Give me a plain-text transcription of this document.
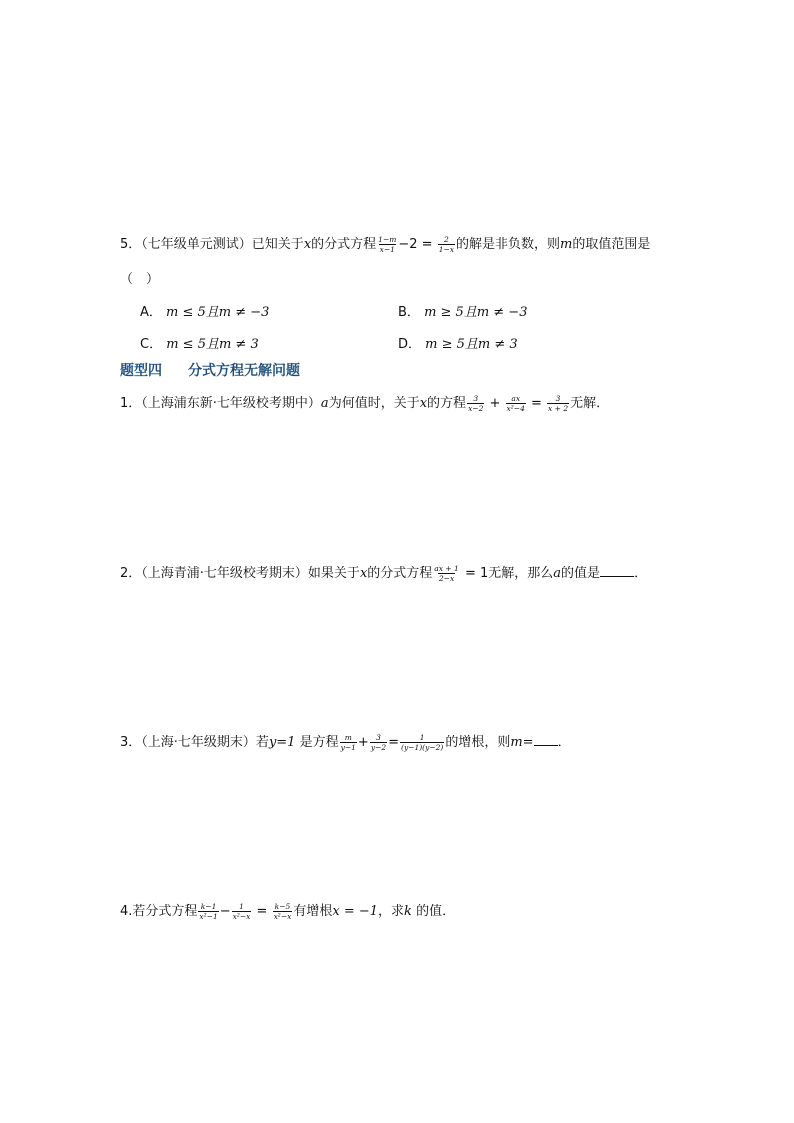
5．（七年级单元测试）已知关于x的分式方程 $\frac{1-m}{x-1} -2 = \frac{2}{1-x}$ 的解是非负数，则m的取值范围是
（　）
A． m ≤ 5且m ≠ −3	B． m ≥ 5且m ≠ −3
C． m ≤ 5且m ≠ 3	D． m ≥ 5且m ≠ 3
题型四 分式方程无解问题
1．（上海浦东新·七年级校考期中）a为何值时，关于x的方程 $\frac{3}{x-2} + \frac{ax}{\text{x²−4}} = \frac{3}{x + 2}$ 无解．
2．（上海青浦·七年级校考期末）如果关于x的分式方程 $\frac{ax + 1}{2-x} = 1$无解，那么a的值是	．
3．（上海·七年级期末）若y=1 是方程 $\frac{m}{y-1} + \frac{3}{y-2} = \frac{1}{(y-1)(y-2)}$ 的增根，则m= ．
4.若分式方程 $\frac{k-1}{\text{x²−1}} - \frac{1}{\text{x²−x}} = \frac{k-5}{\text{x²−x}}$ 有增根x = −1，求k 的值．
